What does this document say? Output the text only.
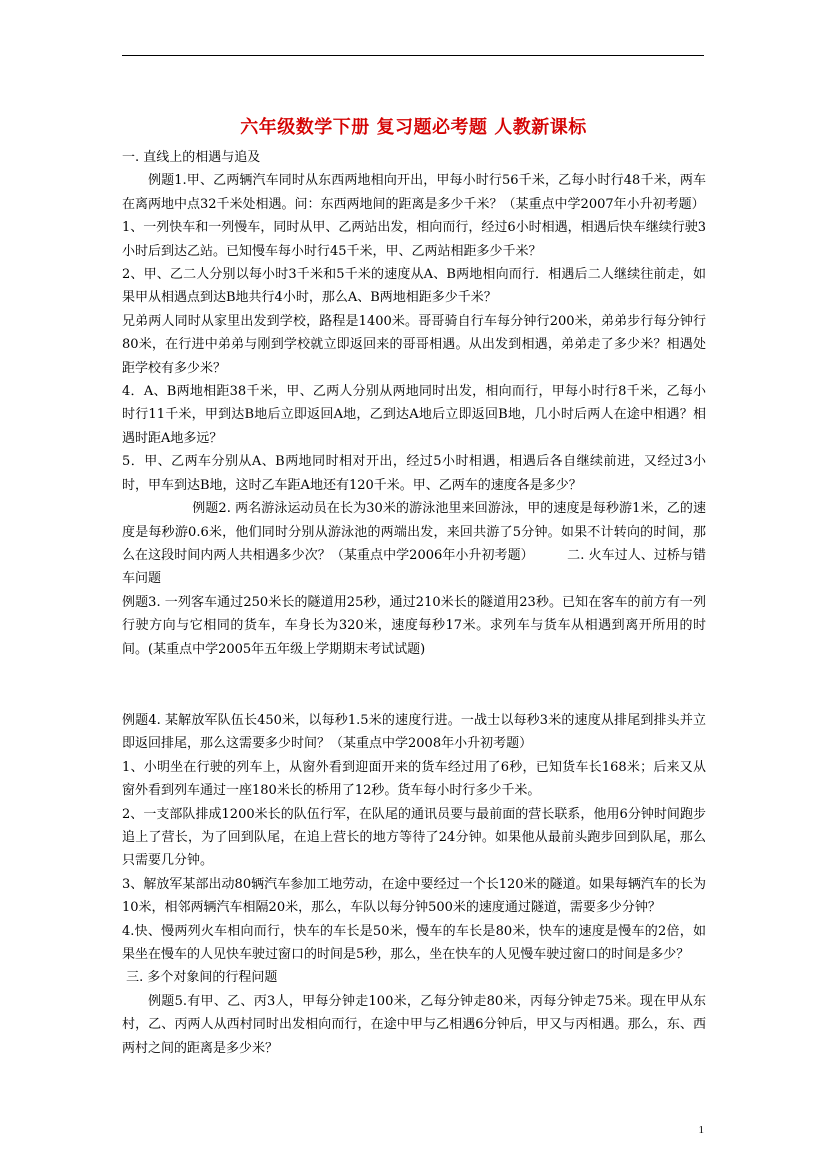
六年级数学下册 复习题必考题 人教新课标

一. 直线上的相遇与追及

例题1.甲、乙两辆汽车同时从东西两地相向开出，甲每小时行56千米，乙每小时行48千米，两车在离两地中点32千米处相遇。问：东西两地间的距离是多少千米？（某重点中学2007年小升初考题）

1、一列快车和一列慢车，同时从甲、乙两站出发，相向而行，经过6小时相遇，相遇后快车继续行驶3小时后到达乙站。已知慢车每小时行45千米，甲、乙两站相距多少千米？

2、甲、乙二人分别以每小时3千米和5千米的速度从A、B两地相向而行．相遇后二人继续往前走，如果甲从相遇点到达B地共行4小时，那么A、B两地相距多少千米？

兄弟两人同时从家里出发到学校，路程是1400米。哥哥骑自行车每分钟行200米，弟弟步行每分钟行80米，在行进中弟弟与刚到学校就立即返回来的哥哥相遇。从出发到相遇，弟弟走了多少米？相遇处距学校有多少米？

4．A、B两地相距38千米，甲、乙两人分别从两地同时出发，相向而行，甲每小时行8千米，乙每小时行11千米，甲到达B地后立即返回A地，乙到达A地后立即返回B地，几小时后两人在途中相遇？相遇时距A地多远？

5．甲、乙两车分别从A、B两地同时相对开出，经过5小时相遇，相遇后各自继续前进，又经过3小时，甲车到达B地，这时乙车距A地还有120千米。甲、乙两车的速度各是多少？

例题2. 两名游泳运动员在长为30米的游泳池里来回游泳，甲的速度是每秒游1米，乙的速度是每秒游0.6米，他们同时分别从游泳池的两端出发，来回共游了5分钟。如果不计转向的时间，那么在这段时间内两人共相遇多少次？（某重点中学2006年小升初考题）        二. 火车过人、过桥与错车问题

例题3. 一列客车通过250米长的隧道用25秒，通过210米长的隧道用23秒。已知在客车的前方有一列行驶方向与它相同的货车，车身长为320米，速度每秒17米。求列车与货车从相遇到离开所用的时间。(某重点中学2005年五年级上学期期末考试试题)

例题4. 某解放军队伍长450米，以每秒1.5米的速度行进。一战士以每秒3米的速度从排尾到排头并立即返回排尾，那么这需要多少时间？（某重点中学2008年小升初考题）

1、小明坐在行驶的列车上，从窗外看到迎面开来的货车经过用了6秒，已知货车长168米；后来又从窗外看到列车通过一座180米长的桥用了12秒。货车每小时行多少千米。

2、一支部队排成1200米长的队伍行军，在队尾的通讯员要与最前面的营长联系，他用6分钟时间跑步追上了营长，为了回到队尾，在追上营长的地方等待了24分钟。如果他从最前头跑步回到队尾，那么只需要几分钟。

3、解放军某部出动80辆汽车参加工地劳动，在途中要经过一个长120米的隧道。如果每辆汽车的长为10米，相邻两辆汽车相隔20米，那么，车队以每分钟500米的速度通过隧道，需要多少分钟？

4.快、慢两列火车相向而行，快车的车长是50米，慢车的车长是80米，快车的速度是慢车的2倍，如果坐在慢车的人见快车驶过窗口的时间是5秒，那么，坐在快车的人见慢车驶过窗口的时间是多少？

三. 多个对象间的行程问题

例题5.有甲、乙、丙3人，甲每分钟走100米，乙每分钟走80米，丙每分钟走75米。现在甲从东村，乙、丙两人从西村同时出发相向而行，在途中甲与乙相遇6分钟后，甲又与丙相遇。那么，东、西两村之间的距离是多少米？

1
